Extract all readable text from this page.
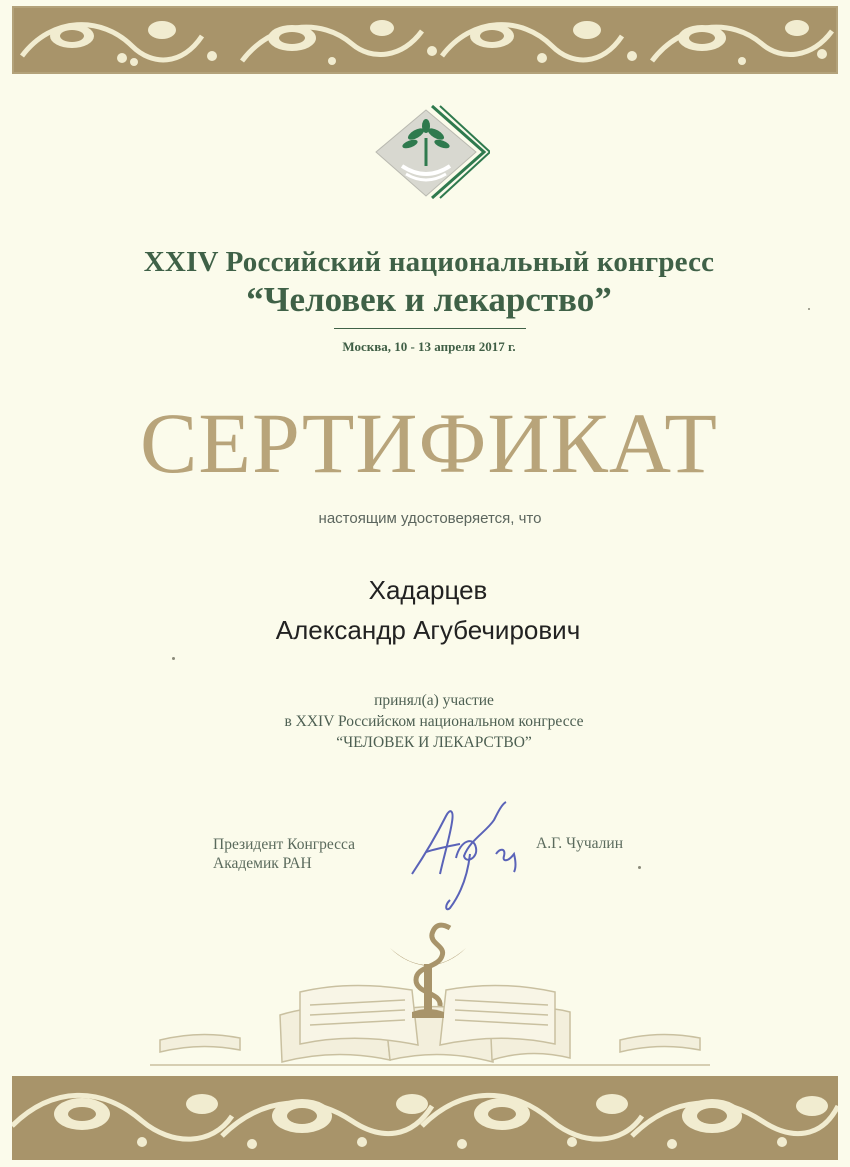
XXIV Российский национальный конгресс
“Человек и лекарство”
Москва, 10 - 13 апреля 2017 г.
СЕРТИФИКАТ
настоящим удостоверяется, что
Хадарцев
Александр Агубечирович
принял(а) участие
в XXIV Российском национальном конгрессе
“ЧЕЛОВЕК И ЛЕКАРСТВО”
Президент Конгресса
Академик РАН
А.Г. Чучалин
